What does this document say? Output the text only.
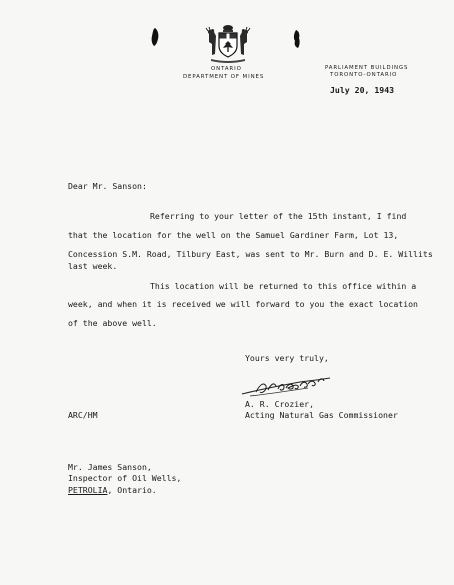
ONTARIO
DEPARTMENT OF MINES
PARLIAMENT BUILDINGS
TORONTO-ONTARIO
July 20, 1943
Dear Mr. Sanson:
Referring to your letter of the 15th instant, I find
that the location for the well on the Samuel Gardiner Farm, Lot 13,
Concession S.M. Road, Tilbury East, was sent to Mr. Burn and D. E. Willits
last week.
This location will be returned to this office within a
week, and when it is received we will forward to you the exact location
of the above well.
Yours very truly,
A. R. Crozier,
Acting Natural Gas Commissioner
ARC/HM
Mr. James Sanson,
Inspector of Oil Wells,
PETROLIA, Ontario.
